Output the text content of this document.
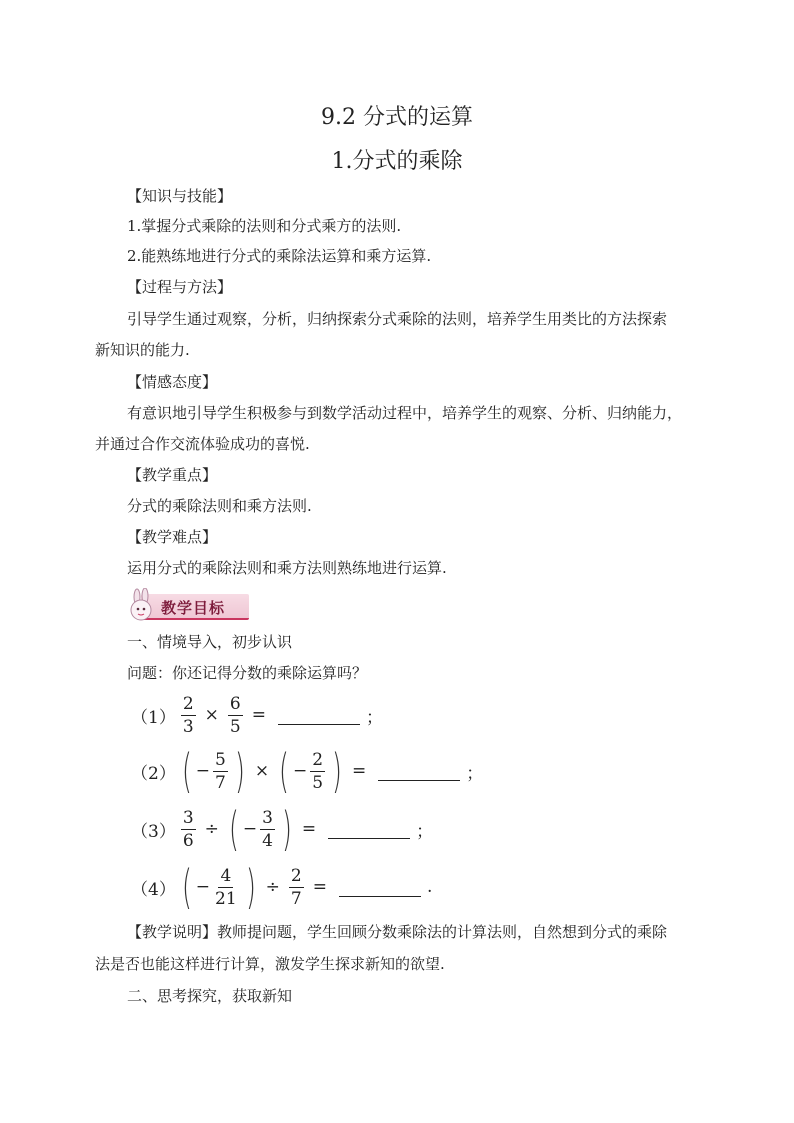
9.2 分式的运算
1.分式的乘除
【知识与技能】
1.掌握分式乘除的法则和分式乘方的法则.
2.能熟练地进行分式的乘除法运算和乘方运算.
【过程与方法】
引导学生通过观察，分析，归纳探索分式乘除的法则，培养学生用类比的方法探索
新知识的能力.
【情感态度】
有意识地引导学生积极参与到数学活动过程中，培养学生的观察、分析、归纳能力，
并通过合作交流体验成功的喜悦.
【教学重点】
分式的乘除法则和乘方法则.
【教学难点】
运用分式的乘除法则和乘方法则熟练地进行运算.
教学目标
一、情境导入，初步认识
问题：你还记得分数的乘除运算吗？
$(1) \frac{2}{3} \times \frac{6}{5}$ =	；
（2） ( − $\frac{5}{7}$ ) × ( − $\frac{2}{5}$ ) =	；
$(3) \frac{3}{6}$ ÷ ( − $\frac{3}{4}$ ) =	；
（4） ( − $\frac{4}{21}$ ) ÷ $\frac{2}{7}$ =	.
【教学说明】教师提问题，学生回顾分数乘除法的计算法则，自然想到分式的乘除
法是否也能这样进行计算，激发学生探求新知的欲望.
二、思考探究，获取新知
